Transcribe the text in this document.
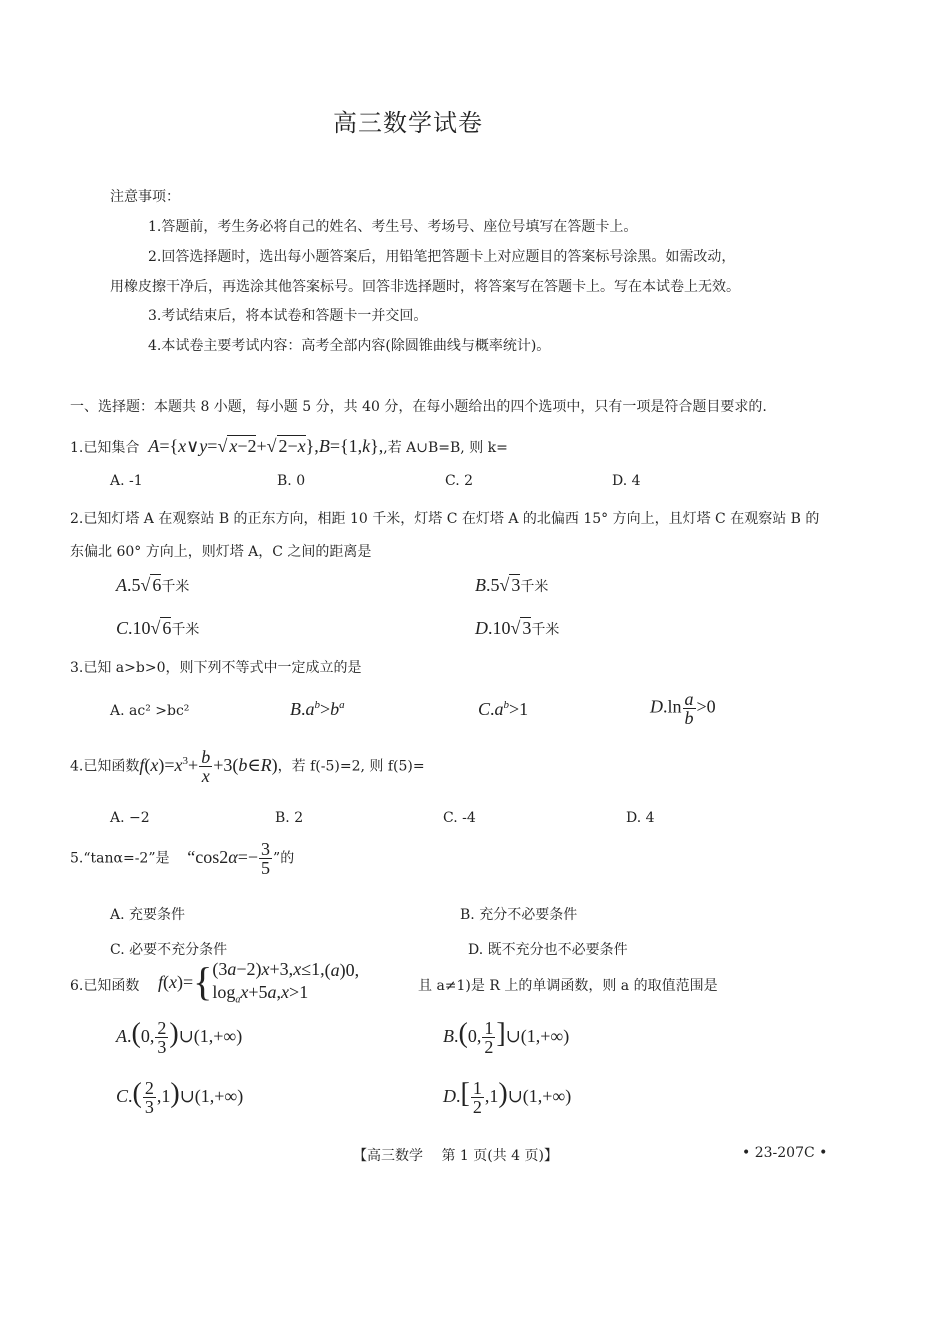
高三数学试卷
注意事项：
1.答题前，考生务必将自己的姓名、考生号、考场号、座位号填写在答题卡上。
2.回答选择题时，选出每小题答案后，用铅笔把答题卡上对应题目的答案标号涂黑。如需改动，
用橡皮擦干净后，再选涂其他答案标号。回答非选择题时，将答案写在答题卡上。写在本试卷上无效。
3.考试结束后，将本试卷和答题卡一并交回。
4.本试卷主要考试内容：高考全部内容(除圆锥曲线与概率统计)。
一、选择题：本题共 8 小题，每小题 5 分，共 40 分，在每小题给出的四个选项中，只有一项是符合题目要求的.
1.已知集合 A={x∨y=√ x−2+√ 2−x},B={1,k},,若 A∪B=B, 则 k=
A. -1	B. 0	C. 2	D. 4
2.已知灯塔 A 在观察站 B 的正东方向，相距 10 千米，灯塔 C 在灯塔 A 的北偏西 15° 方向上，且灯塔 C 在观察站 B 的
东偏北 60° 方向上，则灯塔 A，C 之间的距离是
A.5√ 6千米	B.5√ 3千米
C.10√ 6千米	D.10√ 3千米
3.已知 a>b>0，则下列不等式中一定成立的是
A. ac² >bc²	$B.a^b>b^a$	$C.a^b>1$	$D.\ln \frac{a}{b} >0$
4.已知函数$f(x)=x^3+ \frac{b}{x}$ +3(b∈R)，若 f(-5)=2, 则 f(5)=
A. −2	B. 2	C. -4	D. 4
5.“tanα=-2”是 “$\cos 2\alpha=- \frac{3}{5}$ ”的
A. 充要条件	B. 充分不必要条件
C. 必要不充分条件	D. 既不充分也不必要条件
6.已知函数 f(x)= { (3a−2)x+3,x≤1,
$\log_ax+5a,x>1$
(a)0,
且 a≠1)是 R 上的单调函数，则 a 的取值范围是
A.(0, $\frac{2}{3}$ )∪(1,+∞)	B.(0, $\frac{1}{2}$ ]∪(1,+∞)
$C.( \frac{2}{3}$ ,1)∪(1,+∞)	$D.[ \frac{1}{2}$ ,1)∪(1,+∞)
【高三数学　 第 1 页(共 4 页)】	• 23-207C •
